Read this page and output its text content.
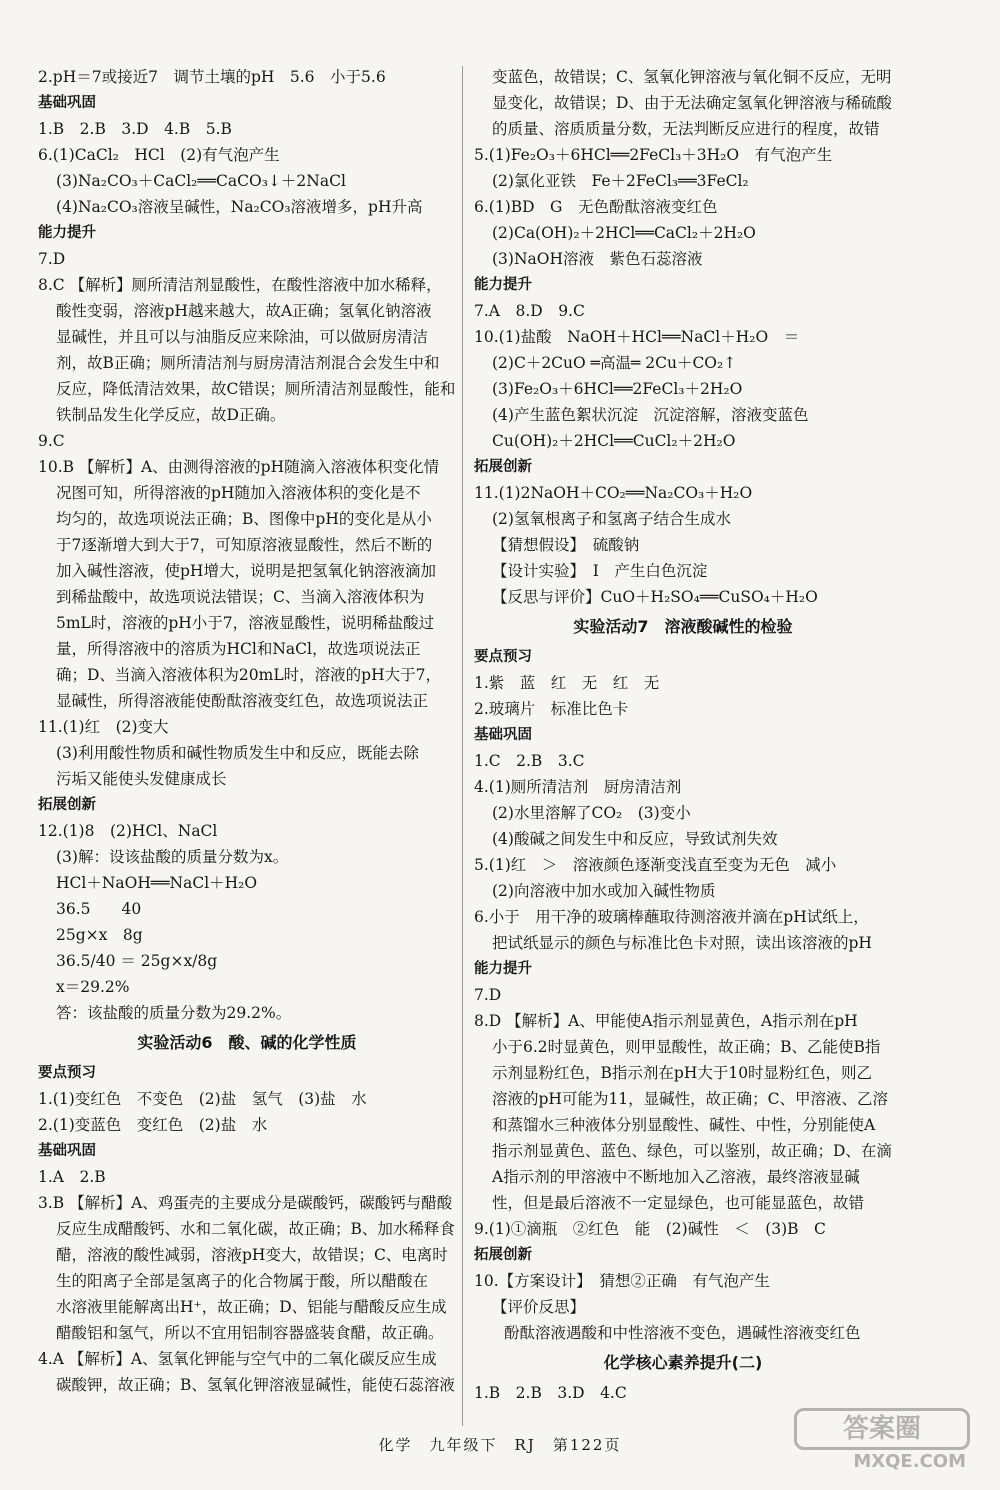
2.pH＝7或接近7　调节土壤的pH　5.6　小于5.6
基础巩固
1.B　2.B　3.D　4.B　5.B
6.(1)CaCl₂　HCl　(2)有气泡产生
(3)Na₂CO₃＋CaCl₂══CaCO₃↓＋2NaCl
(4)Na₂CO₃溶液呈碱性，Na₂CO₃溶液增多，pH升高
能力提升
7.D
8.C 【解析】厕所清洁剂显酸性，在酸性溶液中加水稀释，
酸性变弱，溶液pH越来越大，故A正确；氢氧化钠溶液
显碱性，并且可以与油脂反应来除油，可以做厨房清洁
剂，故B正确；厕所清洁剂与厨房清洁剂混合会发生中和
反应，降低清洁效果，故C错误；厕所清洁剂显酸性，能和
铁制品发生化学反应，故D正确。
9.C
10.B 【解析】A、由测得溶液的pH随滴入溶液体积变化情
况图可知，所得溶液的pH随加入溶液体积的变化是不
均匀的，故选项说法正确；B、图像中pH的变化是从小
于7逐渐增大到大于7，可知原溶液显酸性，然后不断的
加入碱性溶液，使pH增大，说明是把氢氧化钠溶液滴加
到稀盐酸中，故选项说法错误；C、当滴入溶液体积为
5mL时，溶液的pH小于7，溶液显酸性，说明稀盐酸过
量，所得溶液中的溶质为HCl和NaCl，故选项说法正
确；D、当滴入溶液体积为20mL时，溶液的pH大于7，
显碱性，所得溶液能使酚酞溶液变红色，故选项说法正
11.(1)红　(2)变大
(3)利用酸性物质和碱性物质发生中和反应，既能去除
污垢又能使头发健康成长
拓展创新
12.(1)8　(2)HCl、NaCl
(3)解：设该盐酸的质量分数为x。
HCl＋NaOH══NaCl＋H₂O
36.5　　40
25g×x　8g
36.5/40 ＝ 25g×x/8g
x＝29.2%
答：该盐酸的质量分数为29.2%。
实验活动6　酸、碱的化学性质
要点预习
1.(1)变红色　不变色　(2)盐　氢气　(3)盐　水
2.(1)变蓝色　变红色　(2)盐　水
基础巩固
1.A　2.B
3.B 【解析】A、鸡蛋壳的主要成分是碳酸钙，碳酸钙与醋酸
反应生成醋酸钙、水和二氧化碳，故正确；B、加水稀释食
醋，溶液的酸性减弱，溶液pH变大，故错误；C、电离时
生的阳离子全部是氢离子的化合物属于酸，所以醋酸在
水溶液里能解离出H⁺，故正确；D、铝能与醋酸反应生成
醋酸铝和氢气，所以不宜用铝制容器盛装食醋，故正确。
4.A 【解析】A、氢氧化钾能与空气中的二氧化碳反应生成
碳酸钾，故正确；B、氢氧化钾溶液显碱性，能使石蕊溶液
变蓝色，故错误；C、氢氧化钾溶液与氧化铜不反应，无明
显变化，故错误；D、由于无法确定氢氧化钾溶液与稀硫酸
的质量、溶质质量分数，无法判断反应进行的程度，故错
5.(1)Fe₂O₃＋6HCl══2FeCl₃＋3H₂O　有气泡产生
(2)氯化亚铁　Fe＋2FeCl₃══3FeCl₂
6.(1)BD　G　无色酚酞溶液变红色
(2)Ca(OH)₂＋2HCl══CaCl₂＋2H₂O
(3)NaOH溶液　紫色石蕊溶液
能力提升
7.A　8.D　9.C
10.(1)盐酸　NaOH＋HCl══NaCl＋H₂O　＝
(2)C＋2CuO ═高温═ 2Cu＋CO₂↑
(3)Fe₂O₃＋6HCl══2FeCl₃＋2H₂O
(4)产生蓝色絮状沉淀　沉淀溶解，溶液变蓝色
Cu(OH)₂＋2HCl══CuCl₂＋2H₂O
拓展创新
11.(1)2NaOH＋CO₂══Na₂CO₃＋H₂O
(2)氢氧根离子和氢离子结合生成水
【猜想假设】　硫酸钠
【设计实验】　Ⅰ　产生白色沉淀
【反思与评价】CuO＋H₂SO₄══CuSO₄＋H₂O
实验活动7　溶液酸碱性的检验
要点预习
1.紫　蓝　红　无　红　无
2.玻璃片　标准比色卡
基础巩固
1.C　2.B　3.C
4.(1)厕所清洁剂　厨房清洁剂
(2)水里溶解了CO₂　(3)变小
(4)酸碱之间发生中和反应，导致试剂失效
5.(1)红　＞　溶液颜色逐渐变浅直至变为无色　减小
(2)向溶液中加水或加入碱性物质
6.小于　用干净的玻璃棒蘸取待测溶液并滴在pH试纸上，
把试纸显示的颜色与标准比色卡对照，读出该溶液的pH
能力提升
7.D
8.D 【解析】A、甲能使A指示剂显黄色，A指示剂在pH
小于6.2时显黄色，则甲显酸性，故正确；B、乙能使B指
示剂显粉红色，B指示剂在pH大于10时显粉红色，则乙
溶液的pH可能为11，显碱性，故正确；C、甲溶液、乙溶
和蒸馏水三种液体分别显酸性、碱性、中性，分别能使A
指示剂显黄色、蓝色、绿色，可以鉴别，故正确；D、在滴
A指示剂的甲溶液中不断地加入乙溶液，最终溶液显碱
性，但是最后溶液不一定显绿色，也可能显蓝色，故错
9.(1)①滴瓶　②红色　能　(2)碱性　＜　(3)B　C
拓展创新
10.【方案设计】　猜想②正确　有气泡产生
【评价反思】
酚酞溶液遇酸和中性溶液不变色，遇碱性溶液变红色
化学核心素养提升(二)
1.B　2.B　3.D　4.C
化学　九年级下　RJ　第122页
答案圈
MXQE.COM
